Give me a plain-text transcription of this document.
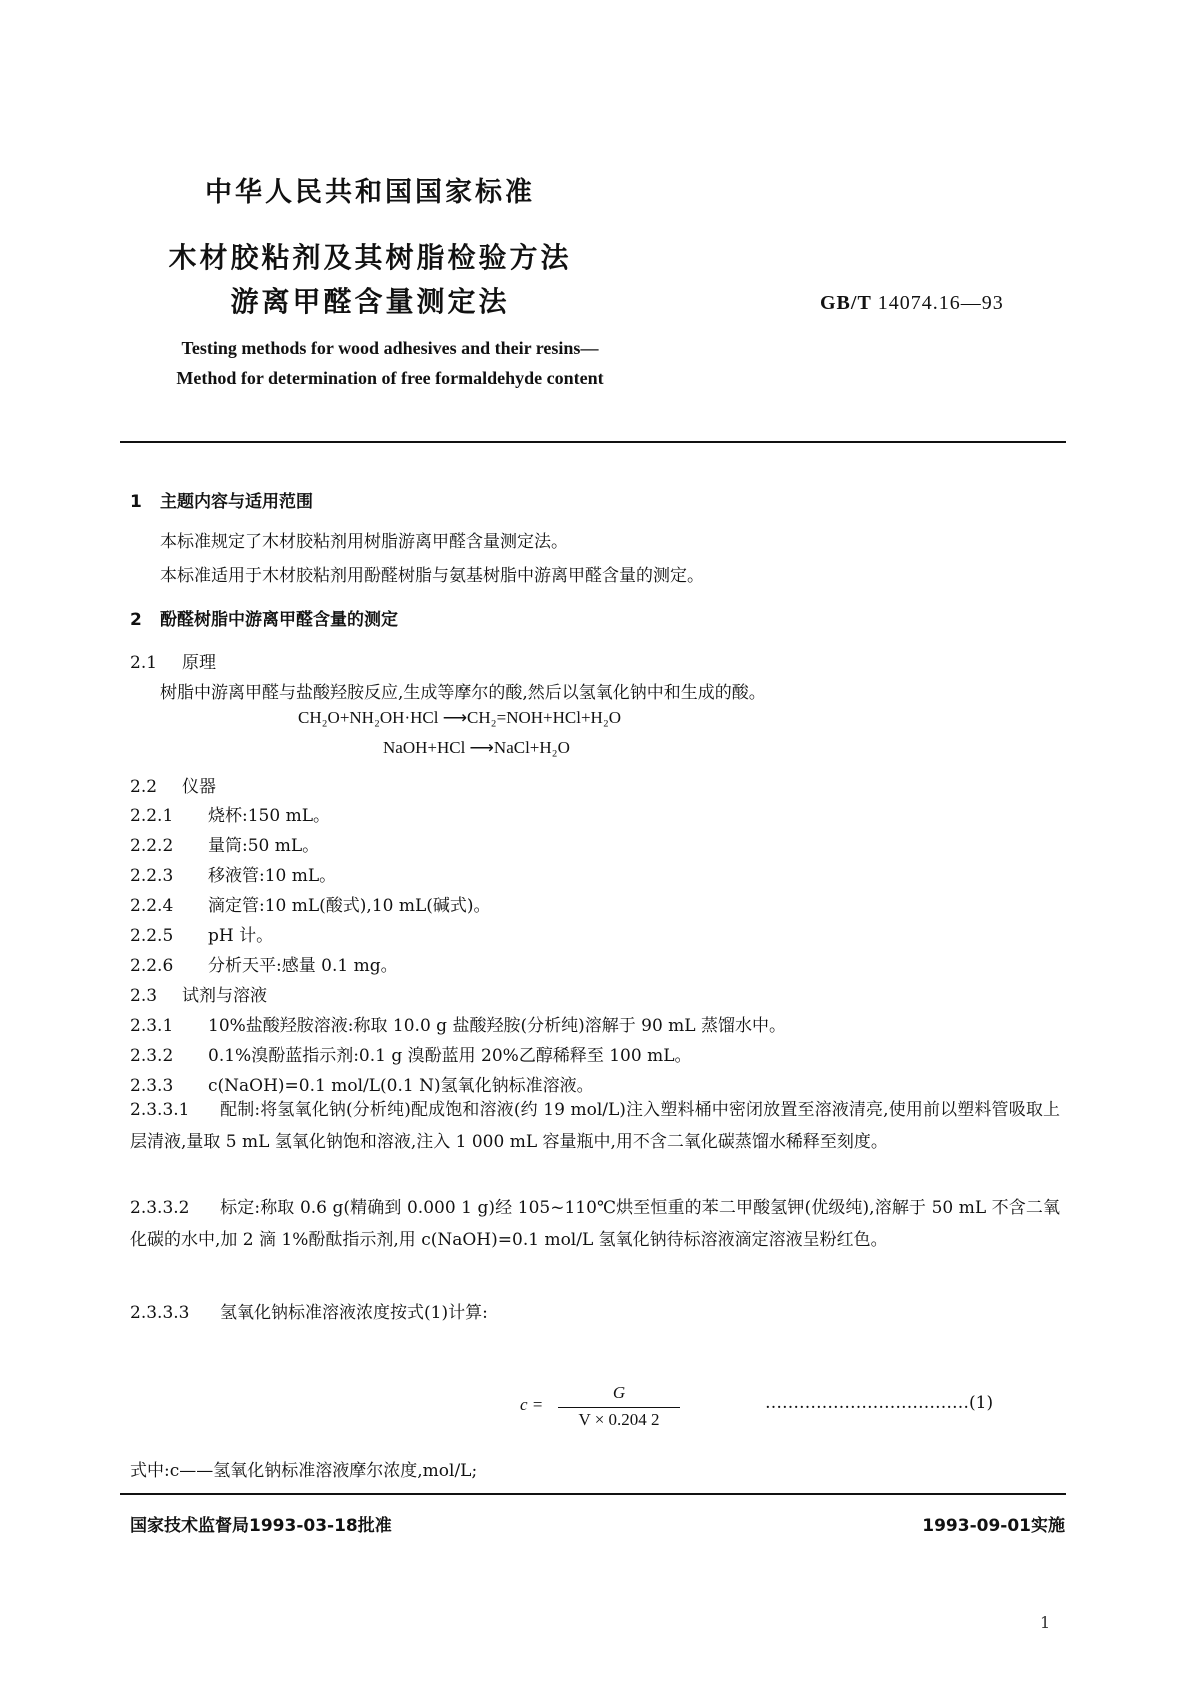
中华人民共和国国家标准
木材胶粘剂及其树脂检验方法
游离甲醛含量测定法	GB/T 14074.16—93
Testing methods for wood adhesives and their resins—
Method for determination of free formaldehyde content
1 主题内容与适用范围
本标准规定了木材胶粘剂用树脂游离甲醛含量测定法。
本标准适用于木材胶粘剂用酚醛树脂与氨基树脂中游离甲醛含量的测定。
2 酚醛树脂中游离甲醛含量的测定
2.1 原理
树脂中游离甲醛与盐酸羟胺反应,生成等摩尔的酸,然后以氢氧化钠中和生成的酸。
CH₂O+NH₂OH·HCl ⟶CH₂=NOH+HCl+H₂O
NaOH+HCl ⟶NaCl+H₂O
2.2 仪器
2.2.1 烧杯:150 mL。
2.2.2 量筒:50 mL。
2.2.3 移液管:10 mL。
2.2.4 滴定管:10 mL(酸式),10 mL(碱式)。
2.2.5 pH 计。
2.2.6 分析天平:感量 0.1 mg。
2.3 试剂与溶液
2.3.1 10%盐酸羟胺溶液:称取 10.0 g 盐酸羟胺(分析纯)溶解于 90 mL 蒸馏水中。
2.3.2 0.1%溴酚蓝指示剂:0.1 g 溴酚蓝用 20%乙醇稀释至 100 mL。
2.3.3 c(NaOH)=0.1 mol/L(0.1 N)氢氧化钠标准溶液。
2.3.3.1 配制:将氢氧化钠(分析纯)配成饱和溶液(约 19 mol/L)注入塑料桶中密闭放置至溶液清亮,使用前以塑料管吸取上层清液,量取 5 mL 氢氧化钠饱和溶液,注入 1 000 mL 容量瓶中,用不含二氧化碳蒸馏水稀释至刻度。
2.3.3.2 标定:称取 0.6 g(精确到 0.000 1 g)经 105~110℃烘至恒重的苯二甲酸氢钾(优级纯),溶解于 50 mL 不含二氧化碳的水中,加 2 滴 1%酚酞指示剂,用 c(NaOH)=0.1 mol/L 氢氧化钠待标溶液滴定溶液呈粉红色。
2.3.3.3 氢氧化钠标准溶液浓度按式(1)计算:
c =
G
V × 0.204 2
………………………………(1)
式中:c——氢氧化钠标准溶液摩尔浓度,mol/L;
国家技术监督局1993-03-18批准	1993-09-01实施
1
